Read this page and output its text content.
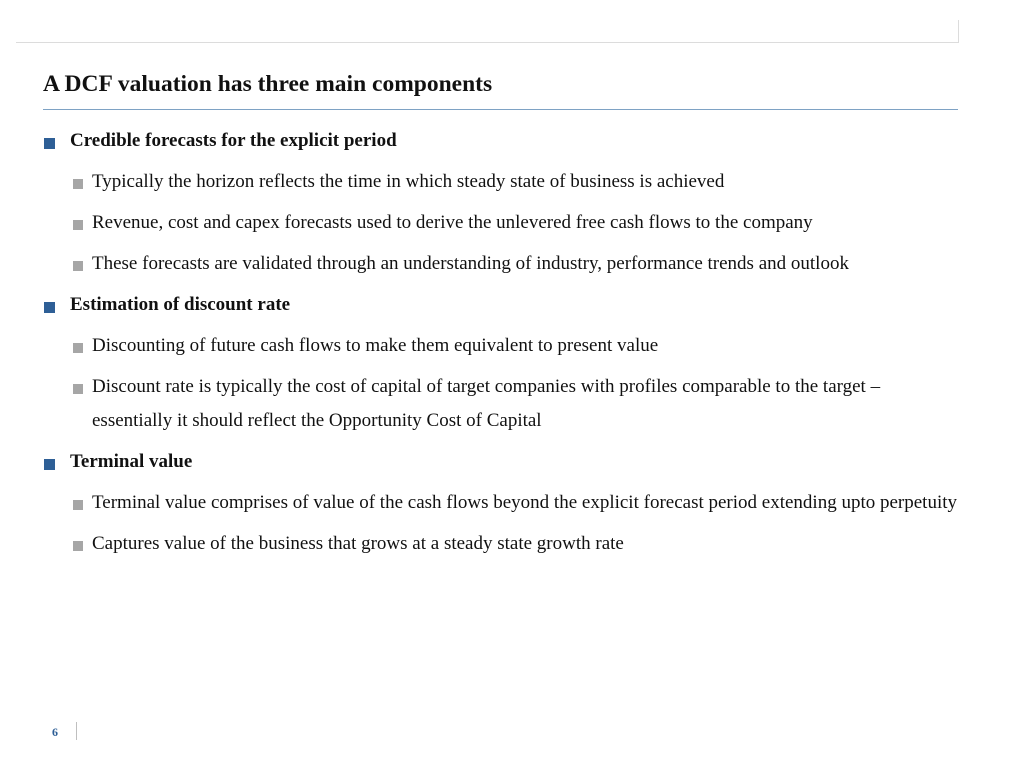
A DCF valuation has three main components
Credible forecasts for the explicit period
Typically the horizon reflects the time in which steady state of business is achieved
Revenue, cost and capex forecasts used to derive the unlevered free cash flows to the company
These forecasts are validated through an understanding of industry, performance trends and outlook
Estimation of discount rate
Discounting of future cash flows to make them equivalent to present value
Discount rate is typically the cost of capital of target companies with profiles comparable to the target – essentially it should reflect the Opportunity Cost of Capital
Terminal value
Terminal value comprises of value of the cash flows beyond the explicit forecast period extending upto perpetuity
Captures value of the business that grows at a steady state growth rate
6
